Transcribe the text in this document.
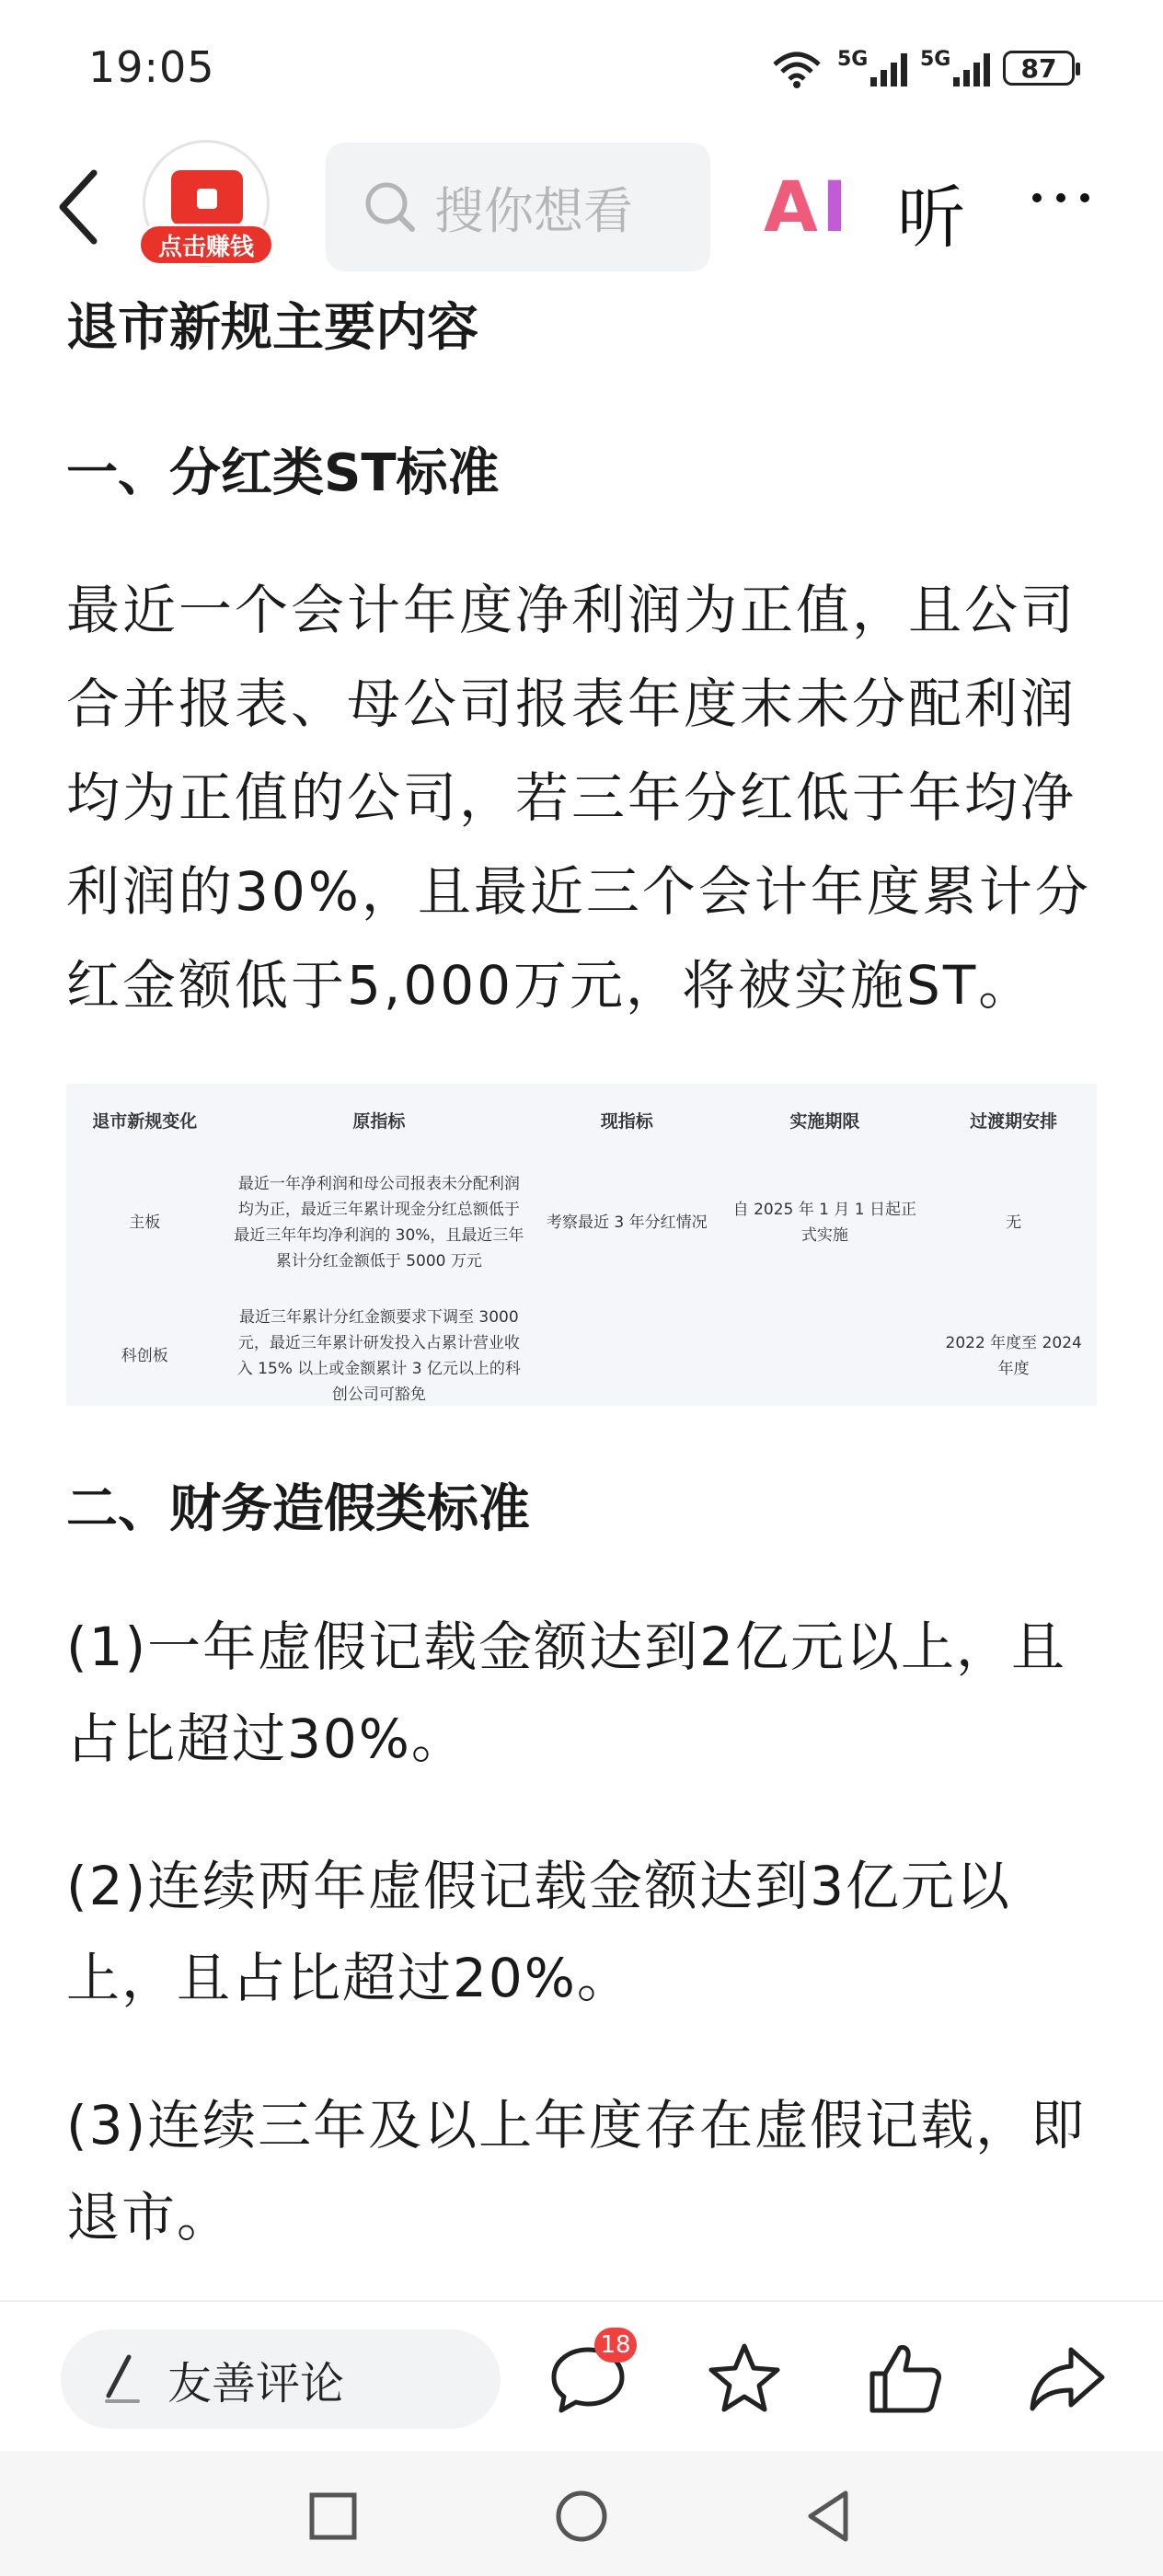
19:05	5G	5G	87
点击赚钱
搜你想看	AI 听
退市新规主要内容
一、分红类ST标准
最近一个会计年度净利润为正值，且公司合并报表、母公司报表年度末未分配利润均为正值的公司，若三年分红低于年均净利润的30%，且最近三个会计年度累计分红金额低于5,000万元，将被实施ST。
退市新规变化	原指标	现指标	实施期限	过渡期安排
主板	最近一年净利润和母公司报表未分配利润均为正，最近三年累计现金分红总额低于最近三年年均净利润的 30%，且最近三年累计分红金额低于 5000 万元	考察最近 3 年分红情况	自 2025 年 1 月 1 日起正式实施	无
科创板	最近三年累计分红金额要求下调至 3000 元，最近三年累计研发投入占累计营业收入 15% 以上或金额累计 3 亿元以上的科创公司可豁免			2022 年度至 2024 年度
二、财务造假类标准
(1)一年虚假记载金额达到2亿元以上，且占比超过30%。
(2)连续两年虚假记载金额达到3亿元以上，且占比超过20%。
(3)连续三年及以上年度存在虚假记载，即退市。
友善评论
18
